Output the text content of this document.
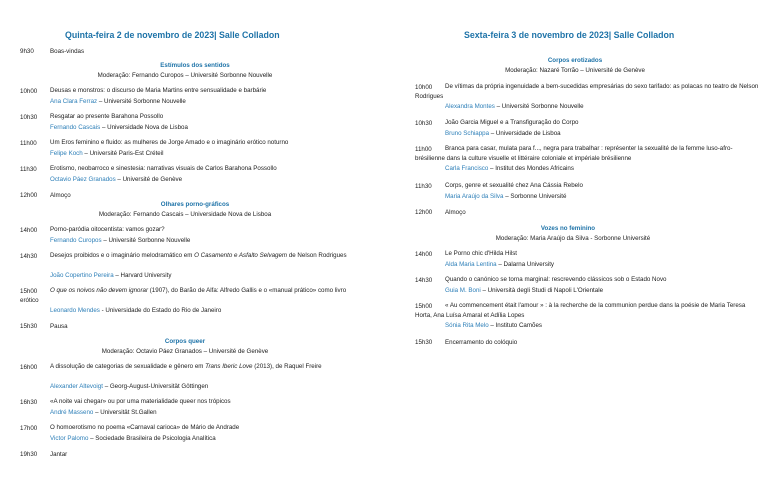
Quinta-feira 2 de novembro de 2023| Salle Colladon
9h30	Boas-vindas
Estímulos dos sentidos
Moderação: Fernando Curopos – Université Sorbonne Nouvelle
10h00 Deusas e monstros: o discurso de Maria Martins entre sensualidade e barbárie
Ana Clara Ferraz – Université Sorbonne Nouvelle
10h30 Resgatar ao presente Barahona Possollo
Fernando Cascais – Universidade Nova de Lisboa
11h00 Um Eros feminino e fluido: as mulheres de Jorge Amado e o imaginário erótico noturno
Felipe Koch – Université Paris-Est Créteil
11h30 Erotismo, neobarroco e sinestesia: narrativas visuais de Carlos Barahona Possollo
Octavio Páez Granados – Université de Genève
12h00 Almoço
Olhares porno-gráficos
Moderação: Fernando Cascais – Universidade Nova de Lisboa
14h00 Porno-paródia oitocentista: vamos gozar?
Fernando Curopos – Université Sorbonne Nouvelle
14h30	Desejos proibidos e o imaginário melodramático em O Casamento e Asfalto Selvagem de Nelson Rodrigues
João Copertino Pereira – Harvard University
15h00	O que os noivos não devem ignorar (1907), do Barão de Alfa: Alfredo Gallis e o «manual prático» como livro erótico
Leonardo Mendes - Universidade do Estado do Rio de Janeiro
15h30 Pausa
Corpos queer
Moderação: Octavio Páez Granados – Université de Genève
16h00	A dissolução de categorias de sexualidade e gênero em Trans Iberic Love (2013), de Raquel Freire
Alexander Altevoigt – Georg-August-Universität Göttingen
16h30 «A noite vai chegar» ou por uma materialidade queer nos trópicos
André Masseno – Universität St.Gallen
17h00 O homoerotismo no poema «Carnaval carioca» de Mário de Andrade
Victor Palomo – Sociedade Brasileira de Psicologia Analítica
19h30 Jantar
Sexta-feira 3 de novembro de 2023| Salle Colladon
Corpos erotizados
Moderação: Nazaré Torrão – Université de Genève
10h00	De vítimas da própria ingenuidade a bem-sucedidas empresárias do sexo tarifado: as polacas no teatro de Nelson Rodrigues
Alexandra Montes – Université Sorbonne Nouvelle
10h30 João Garcia Miguel e a Transfiguração do Corpo
Bruno Schiappa – Universidade de Lisboa
11h00	Branca para casar, mulata para f..., negra para trabalhar : représenter la sexualité de la femme luso-afro-brésilienne dans la culture visuelle et littéraire coloniale et impériale brésilienne
Carla Francisco – Institut des Mondes Africains
11h30 Corps, genre et sexualité chez Ana Cássia Rebelo
Maria Araújo da Silva – Sorbonne Université
12h00 Almoço
Vozes no feminino
Moderação: Maria Araújo da Silva - Sorbonne Université
14h00 Le Porno chic d'Hilda Hilst
Alda Maria Lentina – Dalarna University
14h30 Quando o canónico se torna marginal: rescrevendo clássicos sob o Estado Novo
Guia M. Boni – Università degli Studi di Napoli L'Orientale
15h00	« Au commencement était l'amour » : à la recherche de la communion perdue dans la poésie de Maria Teresa Horta, Ana Luísa Amaral et Adília Lopes
Sónia Rita Melo – Instituto Camões
15h30 Encerramento do colóquio
